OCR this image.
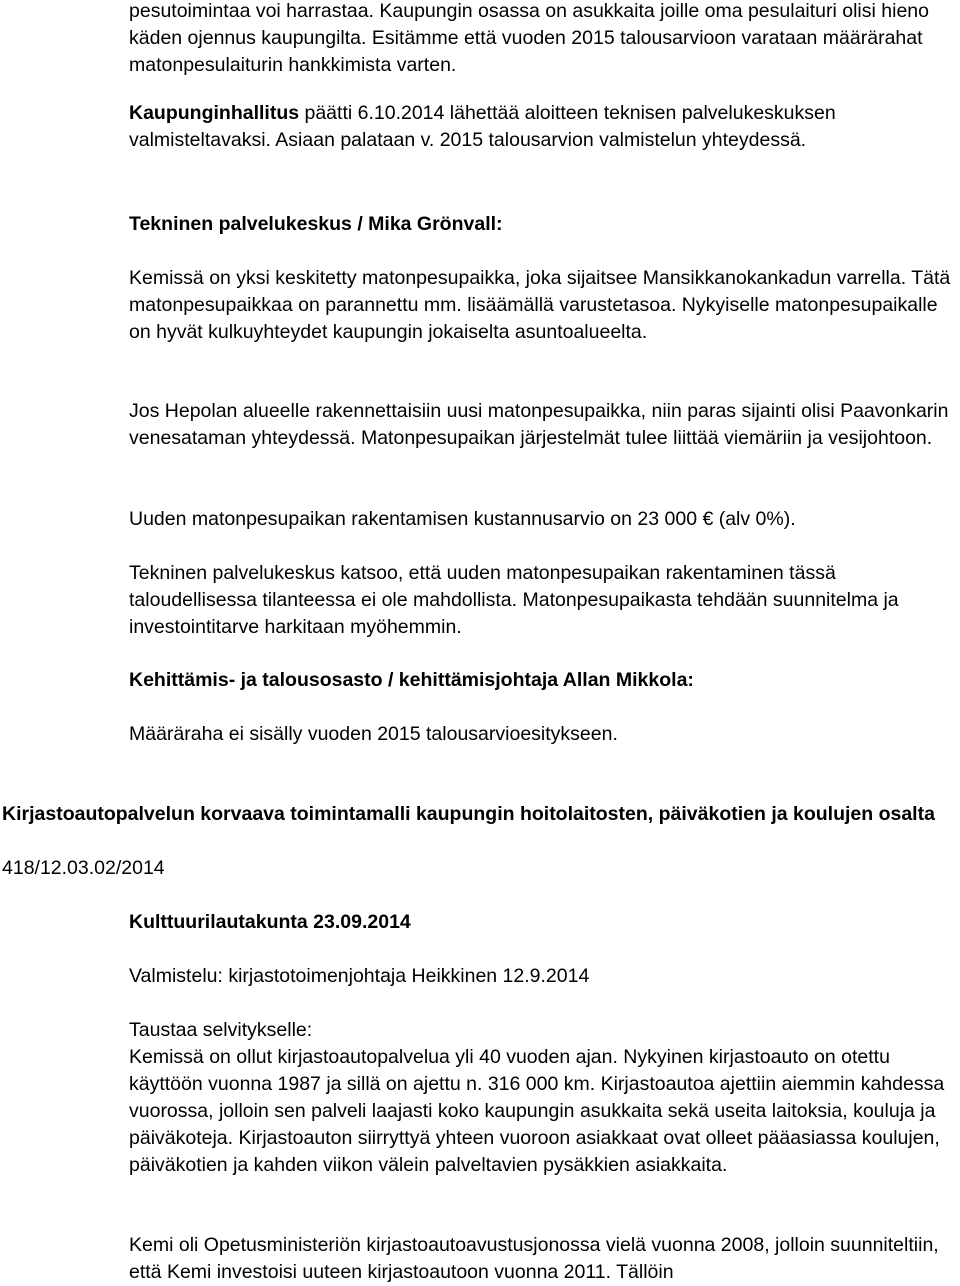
pesutoimintaa voi harrastaa. Kaupungin osassa on asukkaita joille oma pesulaituri olisi hieno käden ojennus kaupungilta. Esitämme että vuoden 2015 talousarvioon varataan määrärahat matonpesulaiturin hankkimista varten.

Kaupunginhallitus päätti 6.10.2014 lähettää aloitteen teknisen palvelukeskuksen valmisteltavaksi. Asiaan palataan v. 2015 talousarvion valmistelun yhteydessä.

Tekninen palvelukeskus / Mika Grönvall:

Kemissä on yksi keskitetty matonpesupaikka, joka sijaitsee Mansikkanokankadun varrella. Tätä matonpesupaikkaa on parannettu mm. lisäämällä varustetasoa. Nykyiselle matonpesupaikalle on hyvät kulkuyhteydet kaupungin jokaiselta asuntoalueelta.

Jos Hepolan alueelle rakennettaisiin uusi matonpesupaikka, niin paras sijainti olisi Paavonkarin venesataman yhteydessä. Matonpesupaikan järjestelmät tulee liittää viemäriin ja vesijohtoon.

Uuden matonpesupaikan rakentamisen kustannusarvio on 23 000 € (alv 0%).

Tekninen palvelukeskus katsoo, että uuden matonpesupaikan rakentaminen tässä taloudellisessa tilanteessa ei ole mahdollista. Matonpesupaikasta tehdään suunnitelma ja investointitarve harkitaan myöhemmin.

Kehittämis- ja talousosasto / kehittämisjohtaja Allan Mikkola:

Määräraha ei sisälly vuoden 2015 talousarvioesitykseen.

Kirjastoautopalvelun korvaava toimintamalli kaupungin hoitolaitosten, päiväkotien ja koulujen osalta

418/12.03.02/2014

Kulttuurilautakunta 23.09.2014

Valmistelu: kirjastotoimenjohtaja Heikkinen 12.9.2014

Taustaa selvitykselle:

Kemissä on ollut kirjastoautopalvelua yli 40 vuoden ajan. Nykyinen kirjastoauto on otettu käyttöön vuonna 1987 ja sillä on ajettu n. 316 000 km. Kirjastoautoa ajettiin aiemmin kahdessa vuorossa, jolloin sen palveli laajasti koko kaupungin asukkaita sekä useita laitoksia, kouluja ja päiväkoteja. Kirjastoauton siirryttyä yhteen vuoroon asiakkaat ovat olleet pääasiassa koulujen, päiväkotien ja kahden viikon välein palveltavien pysäkkien asiakkaita.

Kemi oli Opetusministeriön kirjastoautoavustusjonossa vielä vuonna 2008, jolloin suunniteltiin, että Kemi investoisi uuteen kirjastoautoon vuonna 2011. Tällöin
